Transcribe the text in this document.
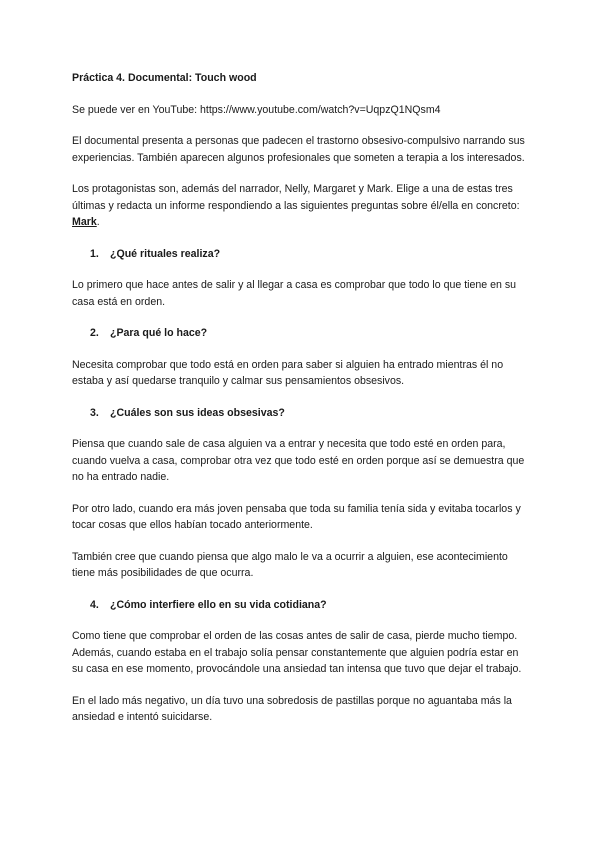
Práctica 4. Documental: Touch wood

Se puede ver en YouTube: https://www.youtube.com/watch?v=UqpzQ1NQsm4

El documental presenta a personas que padecen el trastorno obsesivo-compulsivo narrando sus experiencias. También aparecen algunos profesionales que someten a terapia a los interesados.

Los protagonistas son, además del narrador, Nelly, Margaret y Mark. Elige a una de estas tres últimas y redacta un informe respondiendo a las siguientes preguntas sobre él/ella en concreto: Mark.

1.	¿Qué rituales realiza?

Lo primero que hace antes de salir y al llegar a casa es comprobar que todo lo que tiene en su casa está en orden.

2.	¿Para qué lo hace?

Necesita comprobar que todo está en orden para saber si alguien ha entrado mientras él no estaba y así quedarse tranquilo y calmar sus pensamientos obsesivos.

3.	¿Cuáles son sus ideas obsesivas?

Piensa que cuando sale de casa alguien va a entrar y necesita que todo esté en orden para, cuando vuelva a casa, comprobar otra vez que todo esté en orden porque así se demuestra que no ha entrado nadie.

Por otro lado, cuando era más joven pensaba que toda su familia tenía sida y evitaba tocarlos y tocar cosas que ellos habían tocado anteriormente.

También cree que cuando piensa que algo malo le va a ocurrir a alguien, ese acontecimiento tiene más posibilidades de que ocurra.

4.	¿Cómo interfiere ello en su vida cotidiana?

Como tiene que comprobar el orden de las cosas antes de salir de casa, pierde mucho tiempo. Además, cuando estaba en el trabajo solía pensar constantemente que alguien podría estar en su casa en ese momento, provocándole una ansiedad tan intensa que tuvo que dejar el trabajo.

En el lado más negativo, un día tuvo una sobredosis de pastillas porque no aguantaba más la ansiedad e intentó suicidarse.
